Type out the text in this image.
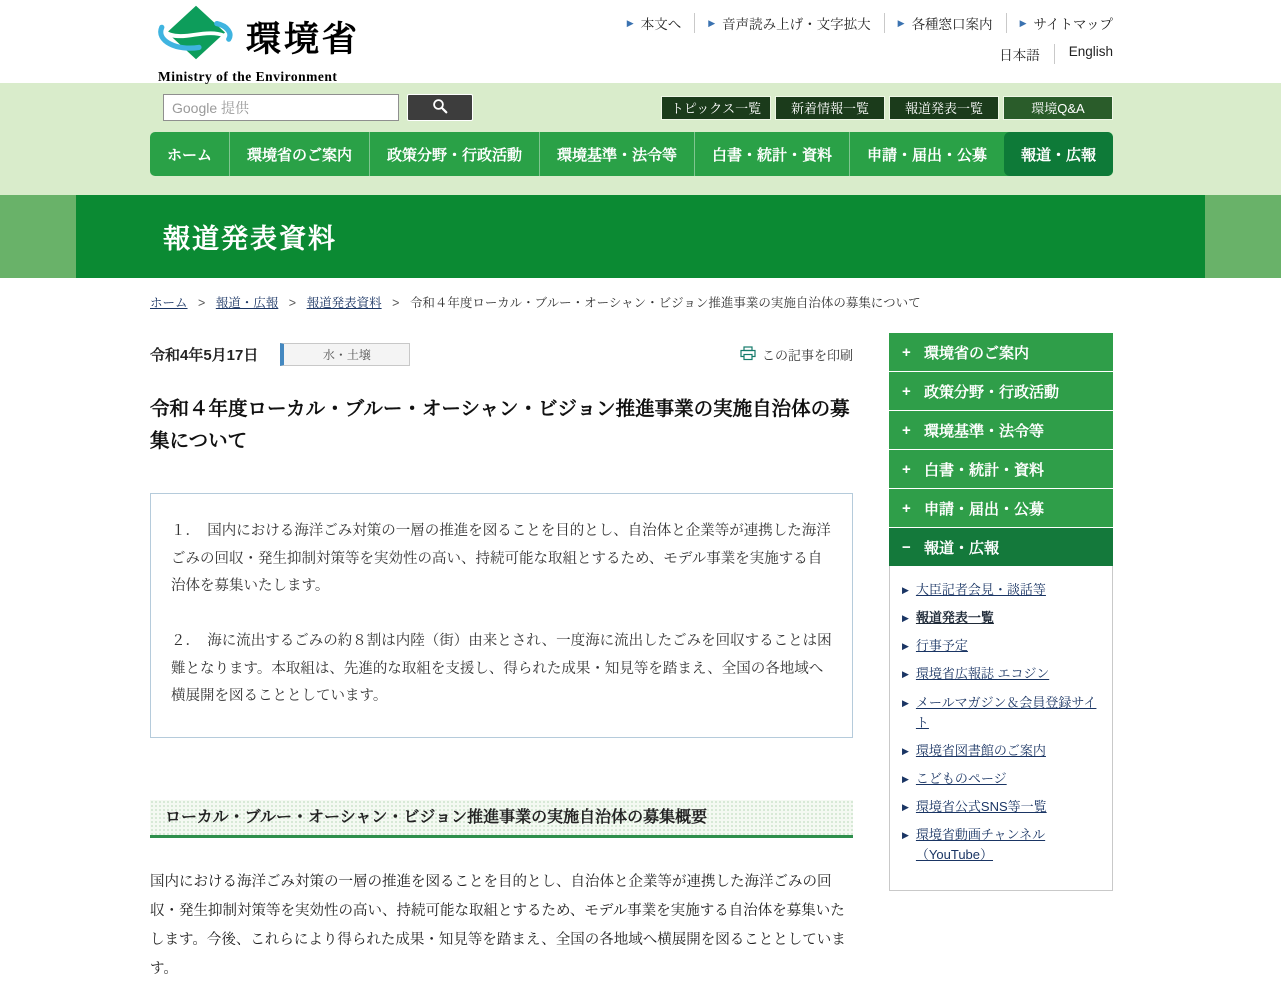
環境省
Ministry of the Environment
▶ 本文へ	▶ 音声読み上げ・文字拡大	▶ 各種窓口案内	▶ サイトマップ
日本語	English
Google 提供
トピックス一覧	新着情報一覧	報道発表一覧	環境Q&A
ホーム	環境省のご案内	政策分野・行政活動	環境基準・法令等	白書・統計・資料	申請・届出・公募	報道・広報
報道発表資料
ホーム > 報道・広報 > 報道発表資料 > 令和４年度ローカル・ブルー・オーシャン・ビジョン推進事業の実施自治体の募集について
令和4年5月17日	水・土壌	この記事を印刷
令和４年度ローカル・ブルー・オーシャン・ビジョン推進事業の実施自治体の募集について

１．　国内における海洋ごみ対策の一層の推進を図ることを目的とし、自治体と企業等が連携した海洋ごみの回収・発生抑制対策等を実効性の高い、持続可能な取組とするため、モデル事業を実施する自治体を募集いたします。

２．　海に流出するごみの約８割は内陸（街）由来とされ、一度海に流出したごみを回収することは困難となります。本取組は、先進的な取組を支援し、得られた成果・知見等を踏まえ、全国の各地域へ横展開を図ることとしています。

ローカル・ブルー・オーシャン・ビジョン推進事業の実施自治体の募集概要

国内における海洋ごみ対策の一層の推進を図ることを目的とし、自治体と企業等が連携した海洋ごみの回収・発生抑制対策等を実効性の高い、持続可能な取組とするため、モデル事業を実施する自治体を募集いたします。今後、これらにより得られた成果・知見等を踏まえ、全国の各地域へ横展開を図ることとしています。

+ 環境省のご案内
+ 政策分野・行政活動
+ 環境基準・法令等
+ 白書・統計・資料
+ 申請・届出・公募
− 報道・広報
▶ 大臣記者会見・談話等
▶ 報道発表一覧
▶ 行事予定
▶ 環境省広報誌 エコジン
▶ メールマガジン＆会員登録サイト
▶ 環境省図書館のご案内
▶ こどものページ
▶ 環境省公式SNS等一覧
▶ 環境省動画チャンネル（YouTube）
